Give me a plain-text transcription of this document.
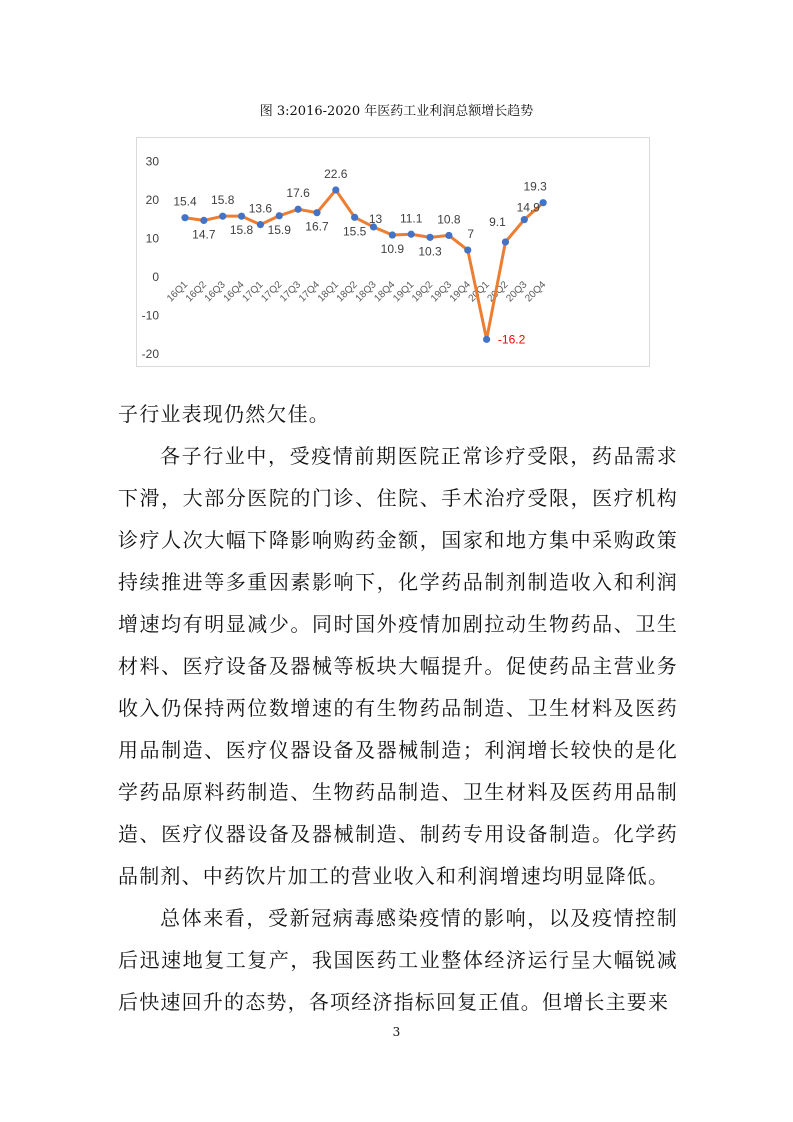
图 3:2016-2020 年医药工业利润总额增长趋势
30
20
10
0
-10
-20
16Q1
16Q2
16Q3
16Q4
17Q1
17Q2
17Q3
17Q4
18Q1
18Q2
18Q3
18Q4
19Q1
19Q2
19Q3
19Q4
20Q1
20Q2
20Q3
20Q4
15.4
14.7
15.8
15.8
13.6
15.9
17.6
16.7
22.6
15.5
13
10.9
11.1
10.3
10.8
7
-16.2
9.1
14.9
19.3
子行业表现仍然欠佳。
各子行业中，受疫情前期医院正常诊疗受限，药品需求下滑，大部分医院的门诊、住院、手术治疗受限，医疗机构诊疗人次大幅下降影响购药金额，国家和地方集中采购政策持续推进等多重因素影响下，化学药品制剂制造收入和利润增速均有明显减少。同时国外疫情加剧拉动生物药品、卫生材料、医疗设备及器械等板块大幅提升。促使药品主营业务收入仍保持两位数增速的有生物药品制造、卫生材料及医药用品制造、医疗仪器设备及器械制造；利润增长较快的是化学药品原料药制造、生物药品制造、卫生材料及医药用品制造、医疗仪器设备及器械制造、制药专用设备制造。化学药品制剂、中药饮片加工的营业收入和利润增速均明显降低。
总体来看，受新冠病毒感染疫情的影响，以及疫情控制后迅速地复工复产，我国医药工业整体经济运行呈大幅锐减后快速回升的态势，各项经济指标回复正值。但增长主要来
3
